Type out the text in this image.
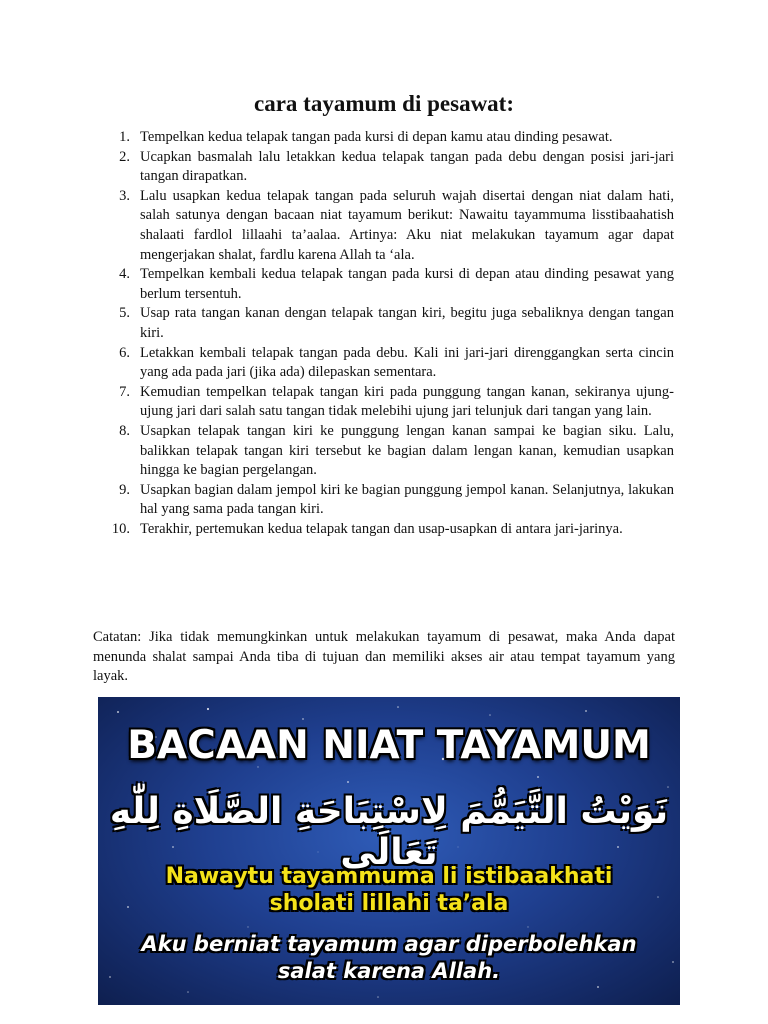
cara tayamum di pesawat:
1. Tempelkan kedua telapak tangan pada kursi di depan kamu atau dinding pesawat.
2. Ucapkan basmalah lalu letakkan kedua telapak tangan pada debu dengan posisi jari-jari tangan dirapatkan.
3. Lalu usapkan kedua telapak tangan pada seluruh wajah disertai dengan niat dalam hati, salah satunya dengan bacaan niat tayamum berikut: Nawaitu tayammuma lisstibaahatish shalaati fardlol lillaahi ta’aalaa. Artinya: Aku niat melakukan tayamum agar dapat mengerjakan shalat, fardlu karena Allah ta ‘ala.
4. Tempelkan kembali kedua telapak tangan pada kursi di depan atau dinding pesawat yang berlum tersentuh.
5. Usap rata tangan kanan dengan telapak tangan kiri, begitu juga sebaliknya dengan tangan kiri.
6. Letakkan kembali telapak tangan pada debu. Kali ini jari-jari direnggangkan serta cincin yang ada pada jari (jika ada) dilepaskan sementara.
7. Kemudian tempelkan telapak tangan kiri pada punggung tangan kanan, sekiranya ujung-ujung jari dari salah satu tangan tidak melebihi ujung jari telunjuk dari tangan yang lain.
8. Usapkan telapak tangan kiri ke punggung lengan kanan sampai ke bagian siku. Lalu, balikkan telapak tangan kiri tersebut ke bagian dalam lengan kanan, kemudian usapkan hingga ke bagian pergelangan.
9. Usapkan bagian dalam jempol kiri ke bagian punggung jempol kanan. Selanjutnya, lakukan hal yang sama pada tangan kiri.
10. Terakhir, pertemukan kedua telapak tangan dan usap-usapkan di antara jari-jarinya.

Catatan: Jika tidak memungkinkan untuk melakukan tayamum di pesawat, maka Anda dapat menunda shalat sampai Anda tiba di tujuan dan memiliki akses air atau tempat tayamum yang layak.

BACAAN NIAT TAYAMUM
نَوَيْتُ التَّيَمُّمَ لِاسْتِبَاحَةِ الصَّلَاةِ لِلّٰهِ تَعَالَى
Nawaytu tayammuma li istibaakhati
sholati lillahi ta’ala
Aku berniat tayamum agar diperbolehkan
salat karena Allah.
